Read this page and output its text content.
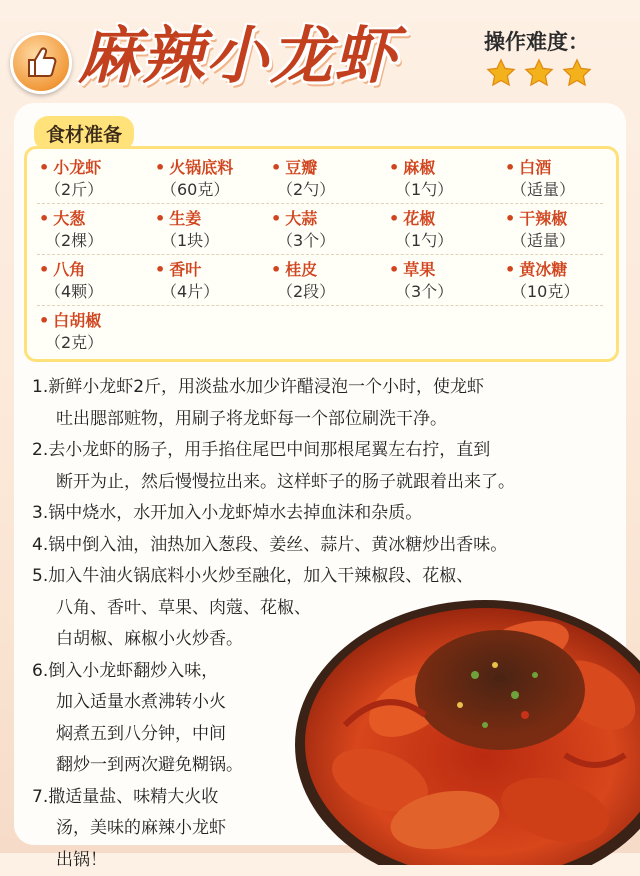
麻辣小龙虾	操作难度：
食材准备
• 小龙虾
（2斤）
• 火锅底料
（60克）
• 豆瓣
（2勺）
• 麻椒
（1勺）
• 白酒
（适量）
• 大葱
（2棵）
• 生姜
（1块）
• 大蒜
（3个）
• 花椒
（1勺）
• 干辣椒
（适量）
• 八角
（4颗）
• 香叶
（4片）
• 桂皮
（2段）
• 草果
（3个）
• 黄冰糖
（10克）
• 白胡椒
（2克）
1.新鲜小龙虾2斤，用淡盐水加少许醋浸泡一个小时，使龙虾
吐出腮部赃物，用刷子将龙虾每一个部位刷洗干净。
2.去小龙虾的肠子，用手掐住尾巴中间那根尾翼左右拧，直到
断开为止，然后慢慢拉出来。这样虾子的肠子就跟着出来了。
3.锅中烧水，水开加入小龙虾焯水去掉血沫和杂质。
4.锅中倒入油，油热加入葱段、姜丝、蒜片、黄冰糖炒出香味。
5.加入牛油火锅底料小火炒至融化，加入干辣椒段、花椒、
八角、香叶、草果、肉蔻、花椒、
白胡椒、麻椒小火炒香。
6.倒入小龙虾翻炒入味，
加入适量水煮沸转小火
焖煮五到八分钟，中间
翻炒一到两次避免糊锅。
7.撒适量盐、味精大火收
汤，美味的麻辣小龙虾
出锅！
